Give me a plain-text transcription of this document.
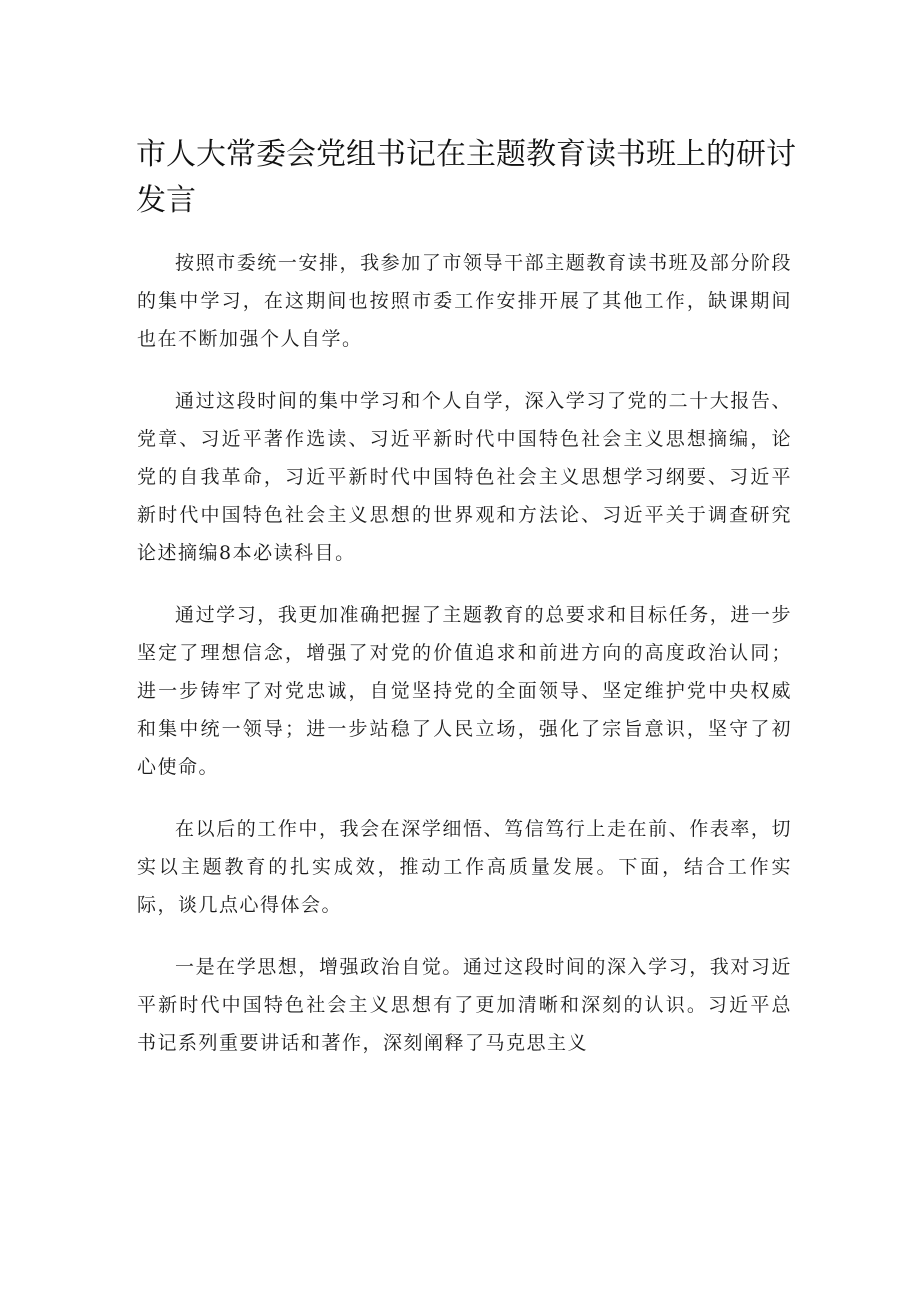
市人大常委会党组书记在主题教育读书班上的研讨发言

按照市委统一安排，我参加了市领导干部主题教育读书班及部分阶段的集中学习，在这期间也按照市委工作安排开展了其他工作，缺课期间也在不断加强个人自学。

通过这段时间的集中学习和个人自学，深入学习了党的二十大报告、党章、习近平著作选读、习近平新时代中国特色社会主义思想摘编，论党的自我革命，习近平新时代中国特色社会主义思想学习纲要、习近平新时代中国特色社会主义思想的世界观和方法论、习近平关于调查研究论述摘编8本必读科目。

通过学习，我更加准确把握了主题教育的总要求和目标任务，进一步坚定了理想信念，增强了对党的价值追求和前进方向的高度政治认同；进一步铸牢了对党忠诚，自觉坚持党的全面领导、坚定维护党中央权威和集中统一领导；进一步站稳了人民立场，强化了宗旨意识，坚守了初心使命。

在以后的工作中，我会在深学细悟、笃信笃行上走在前、作表率，切实以主题教育的扎实成效，推动工作高质量发展。下面，结合工作实际，谈几点心得体会。

一是在学思想，增强政治自觉。通过这段时间的深入学习，我对习近平新时代中国特色社会主义思想有了更加清晰和深刻的认识。习近平总书记系列重要讲话和著作，深刻阐释了马克思主义
